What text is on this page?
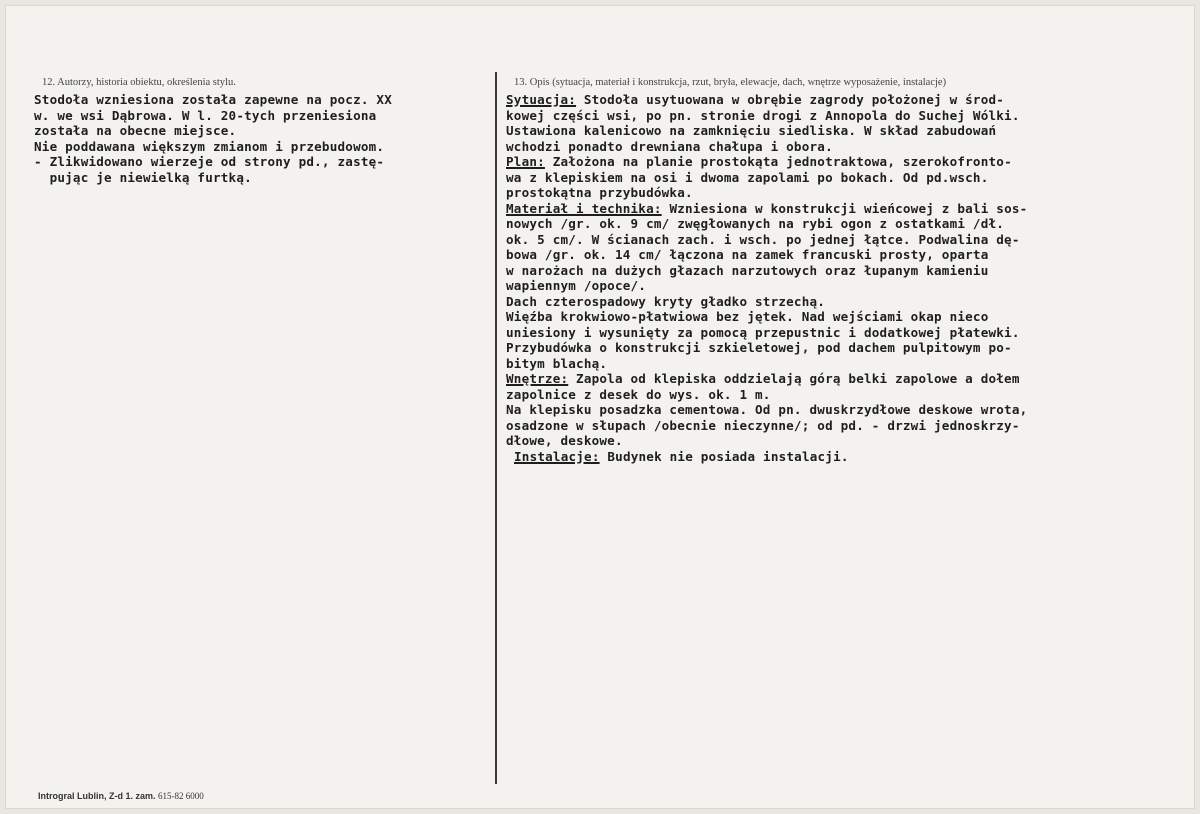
12. Autorzy, historia obiektu, określenia stylu.
Stodoła wzniesiona została zapewne na pocz. XX
w. we wsi Dąbrowa. W l. 20-tych przeniesiona
została na obecne miejsce.
Nie poddawana większym zmianom i przebudowom.
- Zlikwidowano wierzeje od strony pd., zastę-
pując je niewielką furtką.
13. Opis (sytuacja, materiał i konstrukcja, rzut, bryła, elewacje, dach, wnętrze wyposażenie, instalacje)
Sytuacja: Stodoła usytuowana w obrębie zagrody położonej w środ-
kowej części wsi, po pn. stronie drogi z Annopola do Suchej Wólki.
Ustawiona kalenicowo na zamknięciu siedliska. W skład zabudowań
wchodzi ponadto drewniana chałupa i obora.
Plan: Założona na planie prostokąta jednotraktowa, szerokofronto-
wa z klepiskiem na osi i dwoma zapolami po bokach. Od pd.wsch.
prostokątna przybudówka.
Materiał i technika: Wzniesiona w konstrukcji wieńcowej z bali sos-
nowych /gr. ok. 9 cm/ zwęgłowanych na rybi ogon z ostatkami /dł.
ok. 5 cm/. W ścianach zach. i wsch. po jednej łątce. Podwalina dę-
bowa /gr. ok. 14 cm/ łączona na zamek francuski prosty, oparta
w narożach na dużych głazach narzutowych oraz łupanym kamieniu
wapiennym /opoce/.
Dach czterospadowy kryty gładko strzechą.
Więźba krokwiowo-płatwiowa bez jętek. Nad wejściami okap nieco
uniesiony i wysunięty za pomocą przepustnic i dodatkowej płatewki.
Przybudówka o konstrukcji szkieletowej, pod dachem pulpitowym po-
bitym blachą.
Wnętrze: Zapola od klepiska oddzielają górą belki zapolowe a dołem
zapolnice z desek do wys. ok. 1 m.
Na klepisku posadzka cementowa. Od pn. dwuskrzydłowe deskowe wrota,
osadzone w słupach /obecnie nieczynne/; od pd. - drzwi jednoskrzy-
dłowe, deskowe.
Instalacje: Budynek nie posiada instalacji.
Introgral Lublin, Z-d 1. zam. 615-82 6000
